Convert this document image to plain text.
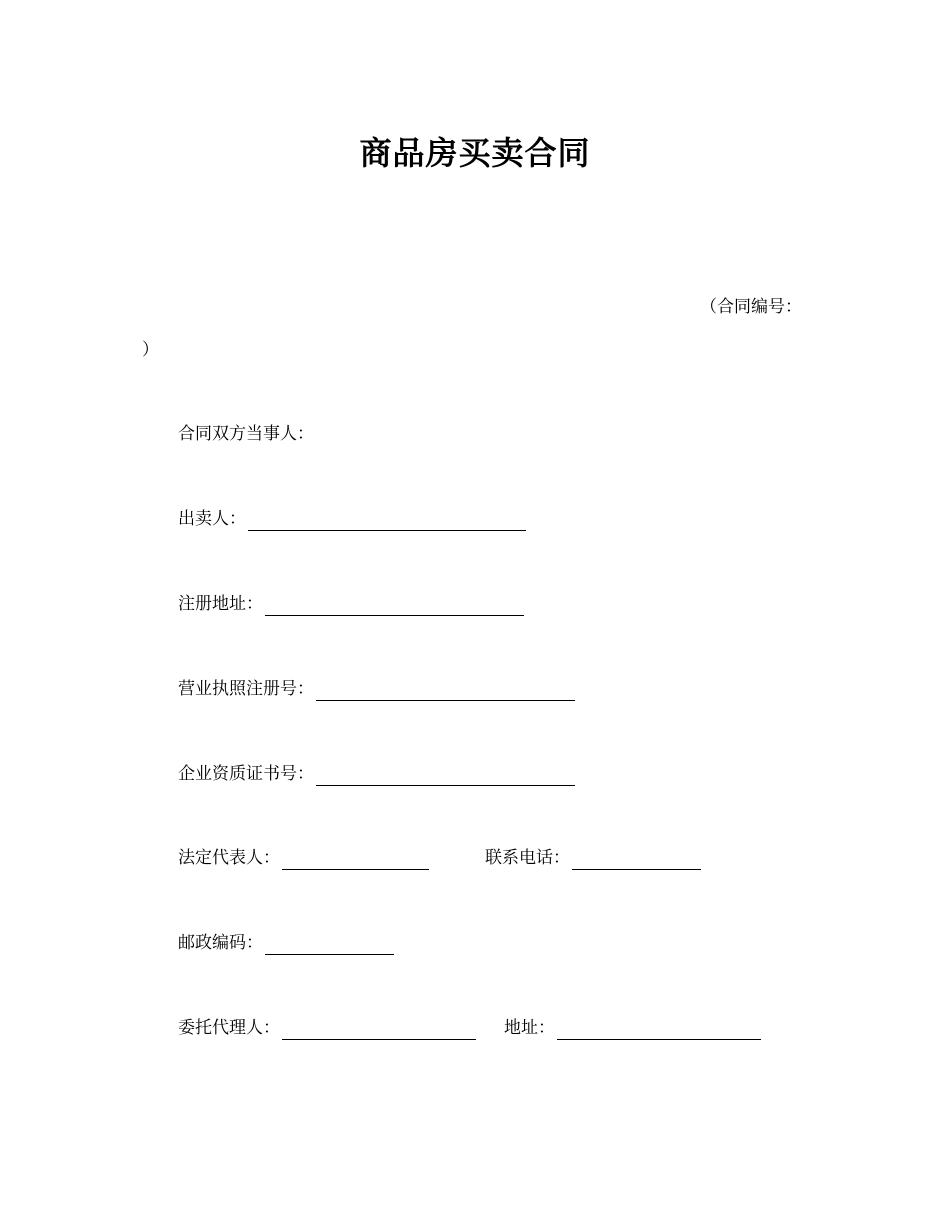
商品房买卖合同
（合同编号：
）
合同双方当事人：
出卖人：
注册地址：
营业执照注册号：
企业资质证书号：
法定代表人：	联系电话：
邮政编码：
委托代理人：	地址：
